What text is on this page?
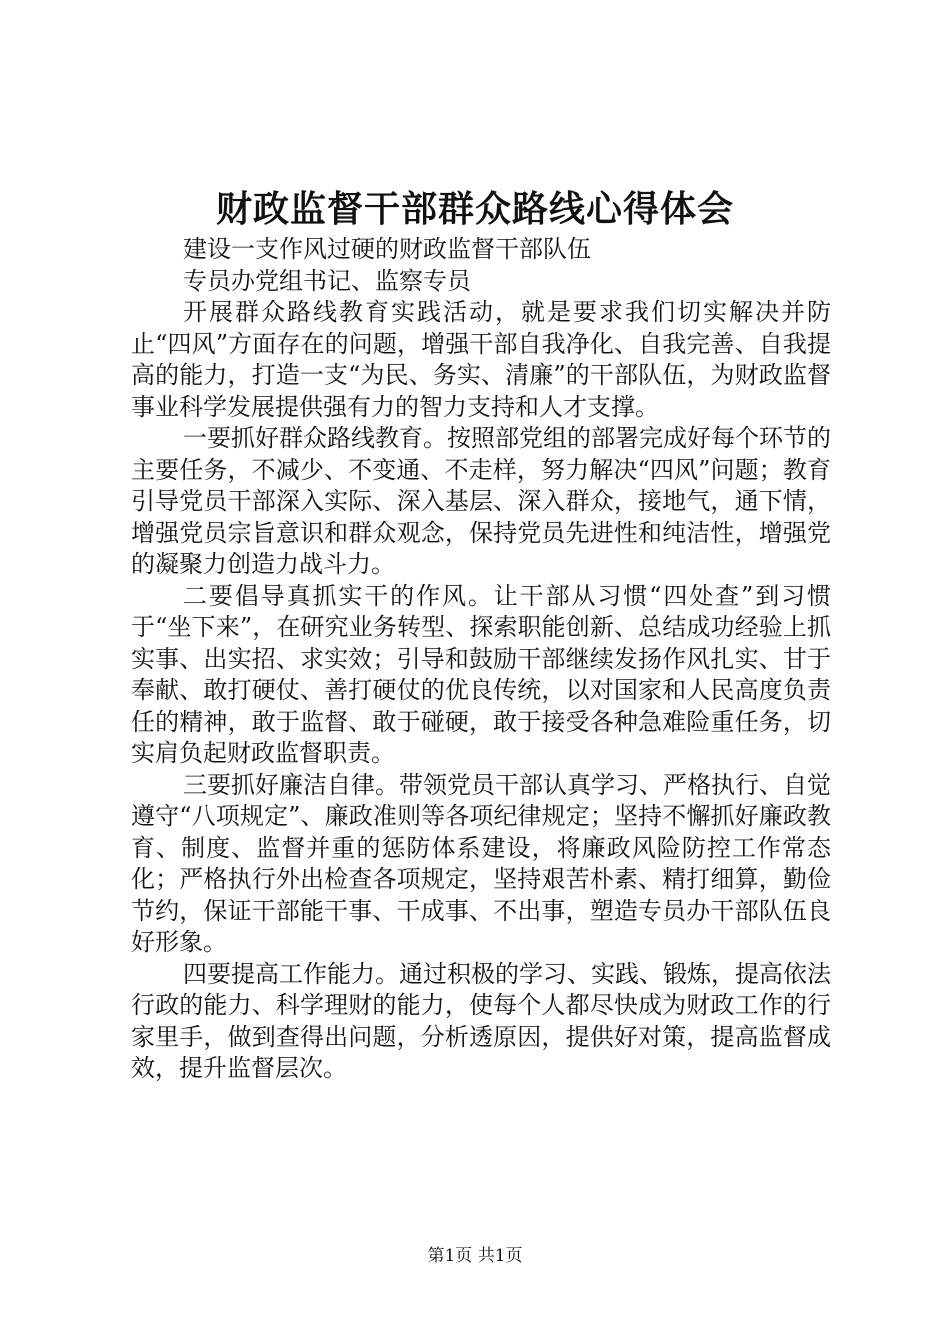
财政监督干部群众路线心得体会

建设一支作风过硬的财政监督干部队伍

专员办党组书记、监察专员

开展群众路线教育实践活动，就是要求我们切实解决并防止“四风”方面存在的问题，增强干部自我净化、自我完善、自我提高的能力，打造一支“为民、务实、清廉”的干部队伍，为财政监督事业科学发展提供强有力的智力支持和人才支撑。

一要抓好群众路线教育。按照部党组的部署完成好每个环节的主要任务，不减少、不变通、不走样，努力解决“四风”问题；教育引导党员干部深入实际、深入基层、深入群众，接地气，通下情，增强党员宗旨意识和群众观念，保持党员先进性和纯洁性，增强党的凝聚力创造力战斗力。

二要倡导真抓实干的作风。让干部从习惯“四处查”到习惯于“坐下来”，在研究业务转型、探索职能创新、总结成功经验上抓实事、出实招、求实效；引导和鼓励干部继续发扬作风扎实、甘于奉献、敢打硬仗、善打硬仗的优良传统，以对国家和人民高度负责任的精神，敢于监督、敢于碰硬，敢于接受各种急难险重任务，切实肩负起财政监督职责。

三要抓好廉洁自律。带领党员干部认真学习、严格执行、自觉遵守“八项规定”、廉政准则等各项纪律规定；坚持不懈抓好廉政教育、制度、监督并重的惩防体系建设，将廉政风险防控工作常态化；严格执行外出检查各项规定，坚持艰苦朴素、精打细算，勤俭节约，保证干部能干事、干成事、不出事，塑造专员办干部队伍良好形象。

四要提高工作能力。通过积极的学习、实践、锻炼，提高依法行政的能力、科学理财的能力，使每个人都尽快成为财政工作的行家里手，做到查得出问题，分析透原因，提供好对策，提高监督成效，提升监督层次。

第1页 共1页
